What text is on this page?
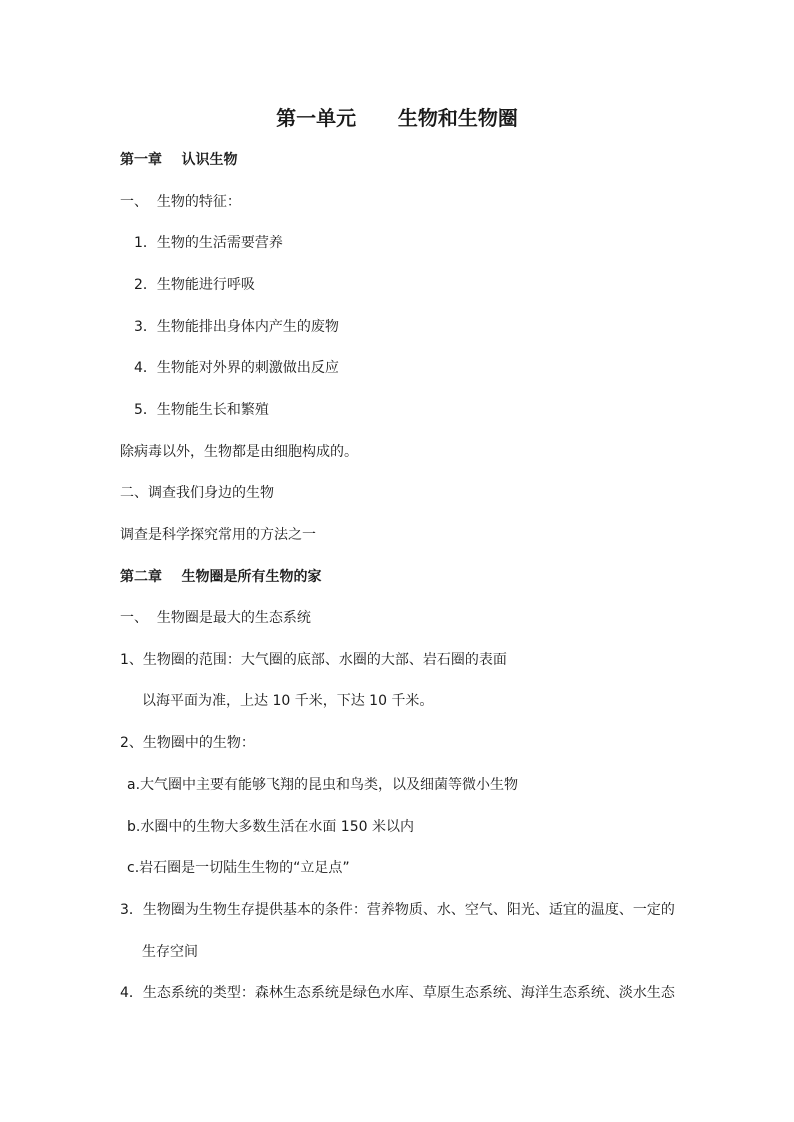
第一单元      生物和生物圈
第一章    认识生物
一、  生物的特征：
1．生物的生活需要营养
2．生物能进行呼吸
3．生物能排出身体内产生的废物
4．生物能对外界的刺激做出反应
5．生物能生长和繁殖
除病毒以外，生物都是由细胞构成的。
二、调查我们身边的生物
调查是科学探究常用的方法之一
第二章    生物圈是所有生物的家
一、  生物圈是最大的生态系统
1、生物圈的范围：大气圈的底部、水圈的大部、岩石圈的表面
以海平面为准，上达 10 千米，下达 10 千米。
2、生物圈中的生物：
a.大气圈中主要有能够飞翔的昆虫和鸟类，以及细菌等微小生物
b.水圈中的生物大多数生活在水面 150 米以内
c.岩石圈是一切陆生生物的“立足点”
3．生物圈为生物生存提供基本的条件：营养物质、水、空气、阳光、适宜的温度、一定的
生存空间
4．生态系统的类型：森林生态系统是绿色水库、草原生态系统、海洋生态系统、淡水生态
